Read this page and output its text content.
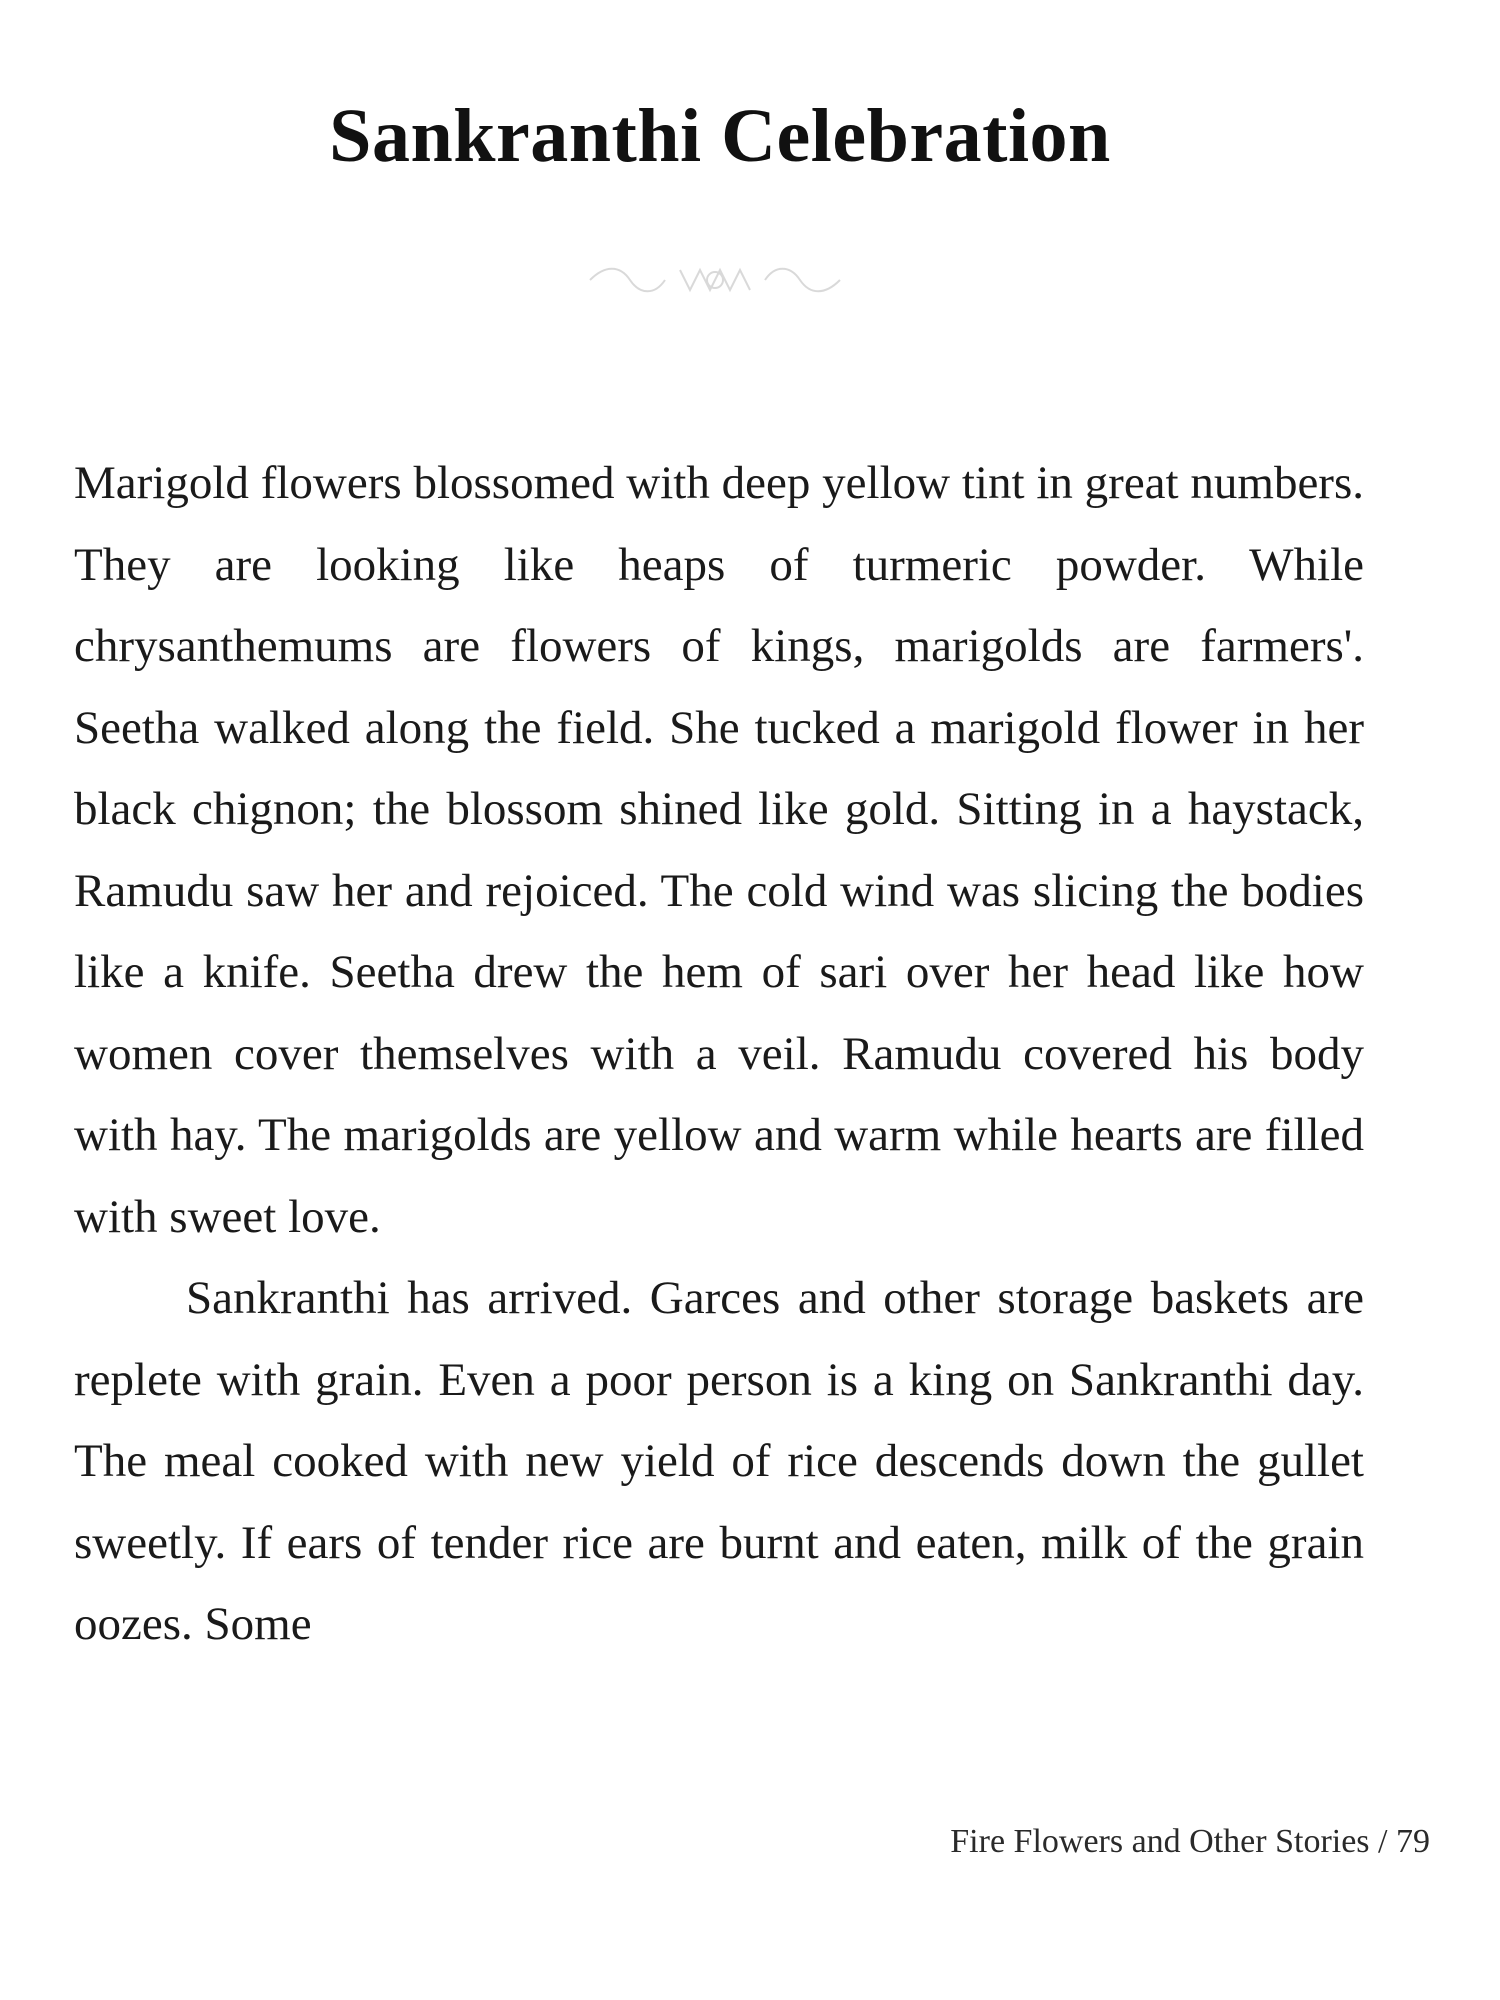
Sankranthi Celebration

Marigold flowers blossomed with deep yellow tint in great numbers. They are looking like heaps of turmeric powder. While chrysanthemums are flowers of kings, marigolds are farmers'. Seetha walked along the field. She tucked a marigold flower in her black chignon; the blossom shined like gold. Sitting in a haystack, Ramudu saw her and rejoiced. The cold wind was slicing the bodies like a knife. Seetha drew the hem of sari over her head like how women cover themselves with a veil. Ramudu covered his body with hay. The marigolds are yellow and warm while hearts are filled with sweet love.

Sankranthi has arrived. Garces and other storage baskets are replete with grain. Even a poor person is a king on Sankranthi day. The meal cooked with new yield of rice descends down the gullet sweetly. If ears of tender rice are burnt and eaten, milk of the grain oozes. Some

Fire Flowers and Other Stories / 79
